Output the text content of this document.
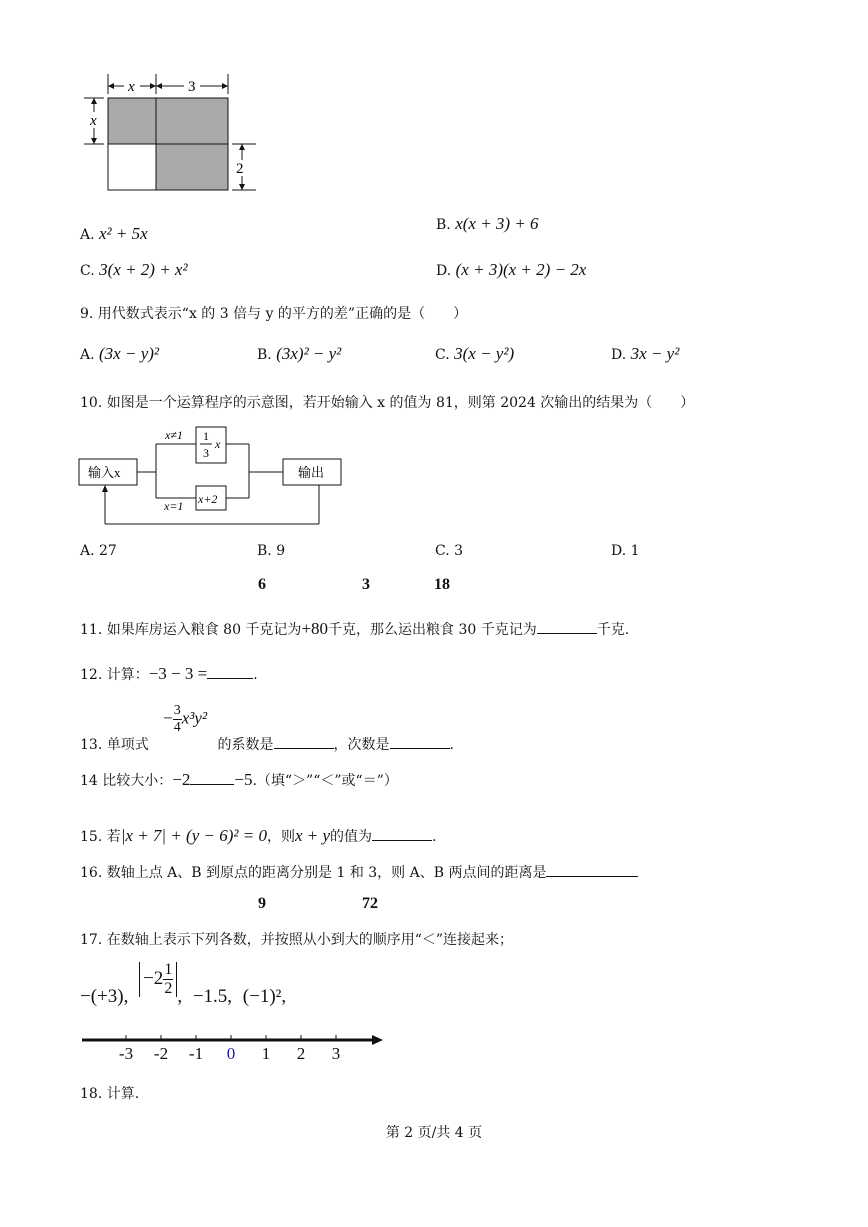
x	3
x
2
A. x² + 5x	B. x(x + 3) + 6
C. 3(x + 2) + x²	D. (x + 3)(x + 2) − 2x
9. 用代数式表示“x 的 3 倍与 y 的平方的差”正确的是（　　）
A. (3x − y)²	B. (3x)² − y²	C. 3(x − y²)	D. 3x − y²
10. 如图是一个运算程序的示意图，若开始输入 x 的值为 81，则第 2024 次输出的结果为（　　）
输入x
x≠1
x=1
1
3
x
x+2
输出
A. 27	B. 9	C. 3	D. 1
6	3	18
11. 如果库房运入粮食 80 千克记为+80千克，那么运出粮食 30 千克记为	千克.
12. 计算：−3 − 3 =	.
13. 单项式 − $\frac{3}{4} x^3y^2$ 的系数是	，次数是	.
14 比较大小：−2	−5.（填“＞”“＜”或“＝”）
15. 若|x + 7| + (y − 6)² = 0，则x + y的值为	.
16. 数轴上点 A、B 到原点的距离分别是 1 和 3，则 A、B 两点间的距离是
9	72
17. 在数轴上表示下列各数，并按照从小到大的顺序用“＜”连接起来；
−(+3), $-2 \frac{1}{2}$ , −1.5, (−1)²,
-3 -2 -1 0 1 2 3
18. 计算.
第 2 页/共 4 页
